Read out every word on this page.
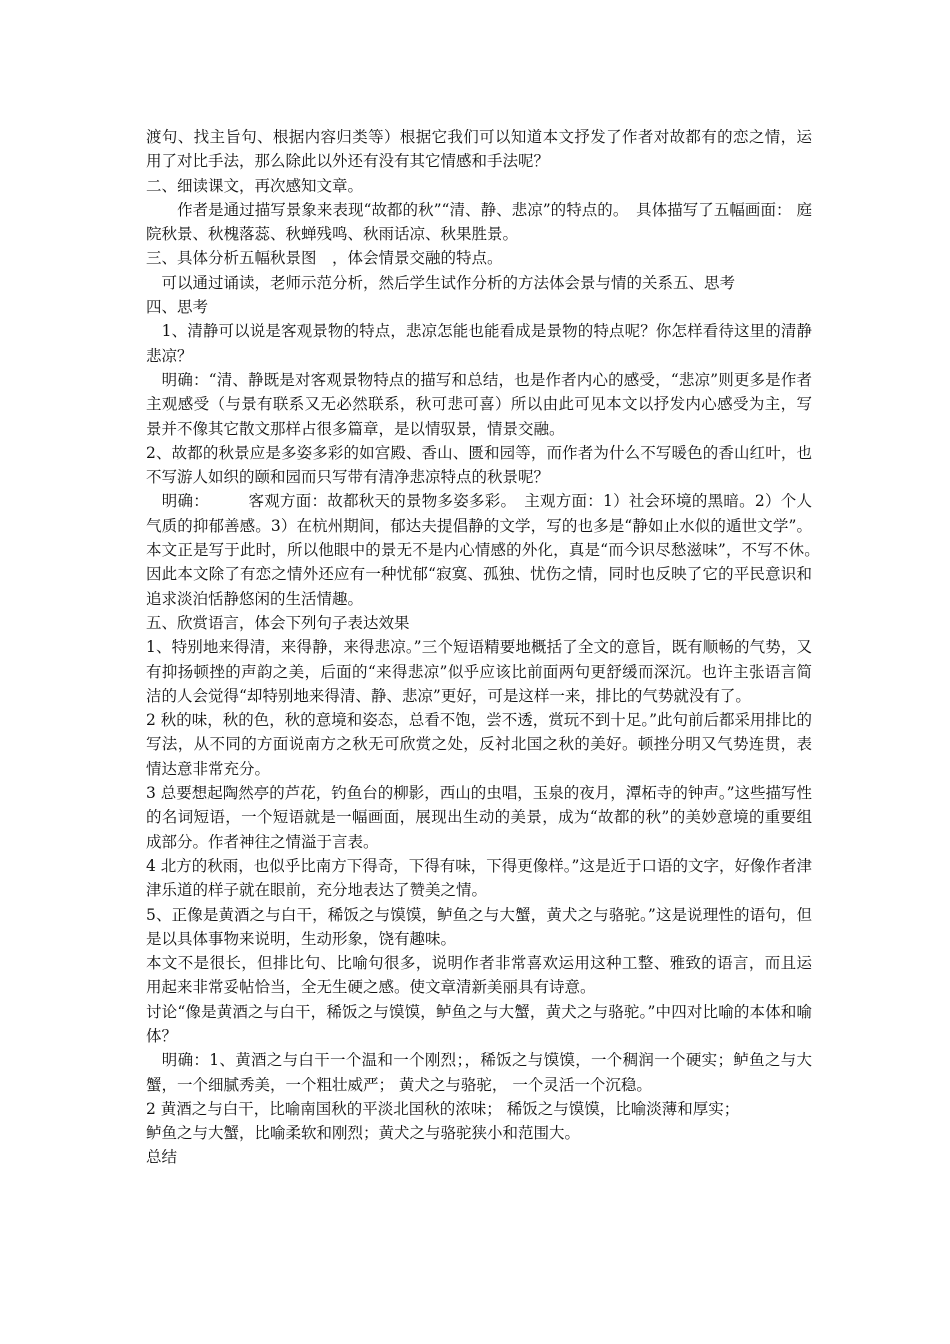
渡句、找主旨句、根据内容归类等）根据它我们可以知道本文抒发了作者对故都有的恋之情，运用了对比手法，那么除此以外还有没有其它情感和手法呢？

二、细读课文，再次感知文章。

　　作者是通过描写景象来表现“故都的秋”“清、静、悲凉”的特点的。　具体描写了五幅画面： 庭院秋景、秋槐落蕊、秋蝉残鸣、秋雨话凉、秋果胜景。

三、具体分析五幅秋景图　，体会情景交融的特点。

　可以通过诵读，老师示范分析，然后学生试作分析的方法体会景与情的关系五、思考

四、思考

　1、清静可以说是客观景物的特点，悲凉怎能也能看成是景物的特点呢？你怎样看待这里的清静悲凉？

　明确：“清、静既是对客观景物特点的描写和总结，也是作者内心的感受，“悲凉”则更多是作者主观感受（与景有联系又无必然联系，秋可悲可喜）所以由此可见本文以抒发内心感受为主，写景并不像其它散文那样占很多篇章，是以情驭景，情景交融。

2、故都的秋景应是多姿多彩的如宫殿、香山、匮和园等，而作者为什么不写暖色的香山红叶，也不写游人如织的颐和园而只写带有清净悲凉特点的秋景呢？

　明确：　　　客观方面：故都秋天的景物多姿多彩。　主观方面：1）社会环境的黑暗。2）个人气质的抑郁善感。3）在杭州期间，郁达夫提倡静的文学，写的也多是“静如止水似的遁世文学”。本文正是写于此时，所以他眼中的景无不是内心情感的外化，真是“而今识尽愁滋味”，不写不休。　　因此本文除了有恋之情外还应有一种忧郁“寂寞、孤独、忧伤之情，同时也反映了它的平民意识和追求淡泊恬静悠闲的生活情趣。

五、欣赏语言，体会下列句子表达效果

1、特别地来得清，来得静，来得悲凉。”三个短语精要地概括了全文的意旨，既有顺畅的气势，又有抑扬顿挫的声韵之美，后面的“来得悲凉”似乎应该比前面两句更舒缓而深沉。也许主张语言简洁的人会觉得“却特别地来得清、静、悲凉”更好，可是这样一来，排比的气势就没有了。

2 秋的味，秋的色，秋的意境和姿态，总看不饱，尝不透，赏玩不到十足。”此句前后都采用排比的写法，从不同的方面说南方之秋无可欣赏之处，反衬北国之秋的美好。顿挫分明又气势连贯，表情达意非常充分。

3 总要想起陶然亭的芦花，钓鱼台的柳影，西山的虫唱，玉泉的夜月，潭柘寺的钟声。”这些描写性的名词短语，一个短语就是一幅画面，展现出生动的美景，成为“故都的秋”的美妙意境的重要组成部分。作者神往之情溢于言表。

4 北方的秋雨，也似乎比南方下得奇，下得有味，下得更像样。”这是近于口语的文字，好像作者津津乐道的样子就在眼前，充分地表达了赞美之情。

5、正像是黄酒之与白干，稀饭之与馍馍，鲈鱼之与大蟹，黄犬之与骆驼。”这是说理性的语句，但是以具体事物来说明，生动形象，饶有趣味。

本文不是很长，但排比句、比喻句很多，说明作者非常喜欢运用这种工整、雅致的语言，而且运用起来非常妥帖恰当，全无生硬之感。使文章清新美丽具有诗意。

讨论“像是黄酒之与白干，稀饭之与馍馍，鲈鱼之与大蟹，黄犬之与骆驼。”中四对比喻的本体和喻体？

　明确：1、黄酒之与白干一个温和一个刚烈；，稀饭之与馍馍，一个稠润一个硬实；鲈鱼之与大蟹，一个细腻秀美，一个粗壮威严； 黄犬之与骆驼， 一个灵活一个沉稳。

2 黄酒之与白干，比喻南国秋的平淡北国秋的浓味； 稀饭之与馍馍，比喻淡薄和厚实；

鲈鱼之与大蟹，比喻柔软和刚烈；黄犬之与骆驼狭小和范围大。

总结
